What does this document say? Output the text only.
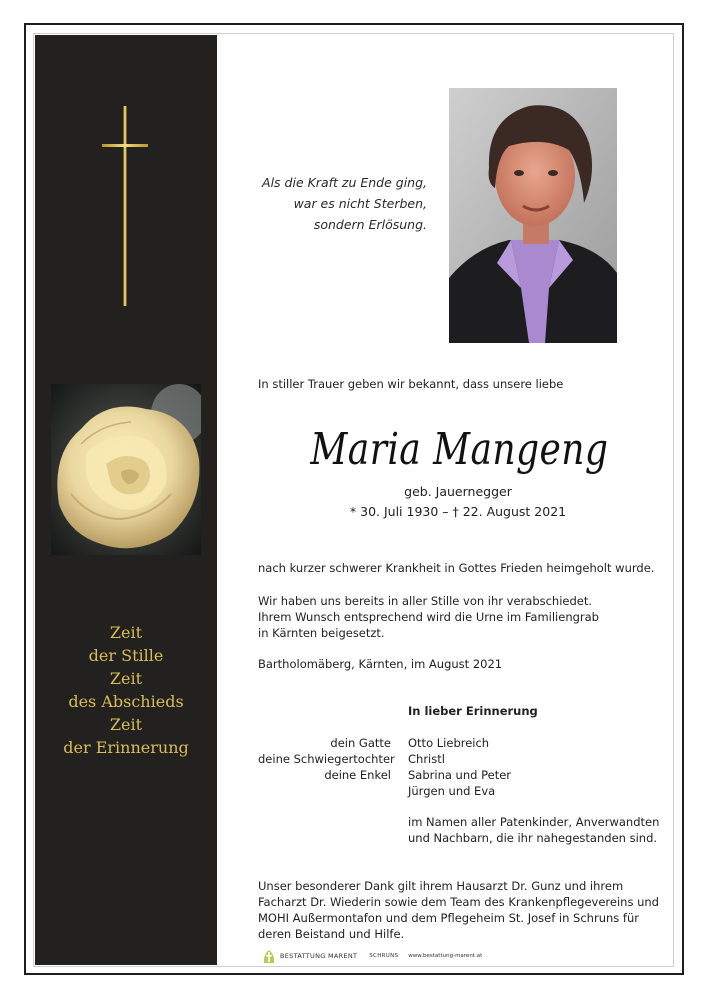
Zeit
der Stille
Zeit
des Abschieds
Zeit
der Erinnerung
Als die Kraft zu Ende ging,
war es nicht Sterben,
sondern Erlösung.
In stiller Trauer geben wir bekannt, dass unsere liebe
Maria Mangeng
geb. Jauernegger
* 30. Juli 1930 – † 22. August 2021
nach kurzer schwerer Krankheit in Gottes Frieden heimgeholt wurde.
Wir haben uns bereits in aller Stille von ihr verabschiedet.
Ihrem Wunsch entsprechend wird die Urne im Familiengrab
in Kärnten beigesetzt.
Bartholomäberg, Kärnten, im August 2021
In lieber Erinnerung
dein Gatte
deine Schwiegertochter
deine Enkel

Otto Liebreich
Christl
Sabrina und Peter
Jürgen und Eva
im Namen aller Patenkinder, Anverwandten
und Nachbarn, die ihr nahegestanden sind.
Unser besonderer Dank gilt ihrem Hausarzt Dr. Gunz und ihrem
Facharzt Dr. Wiederin sowie dem Team des Krankenpflegevereins und
MOHI Außermontafon und dem Pflegeheim St. Josef in Schruns für
deren Beistand und Hilfe.
BESTATTUNG MARENT SCHRUNS www.bestattung-marent.at
